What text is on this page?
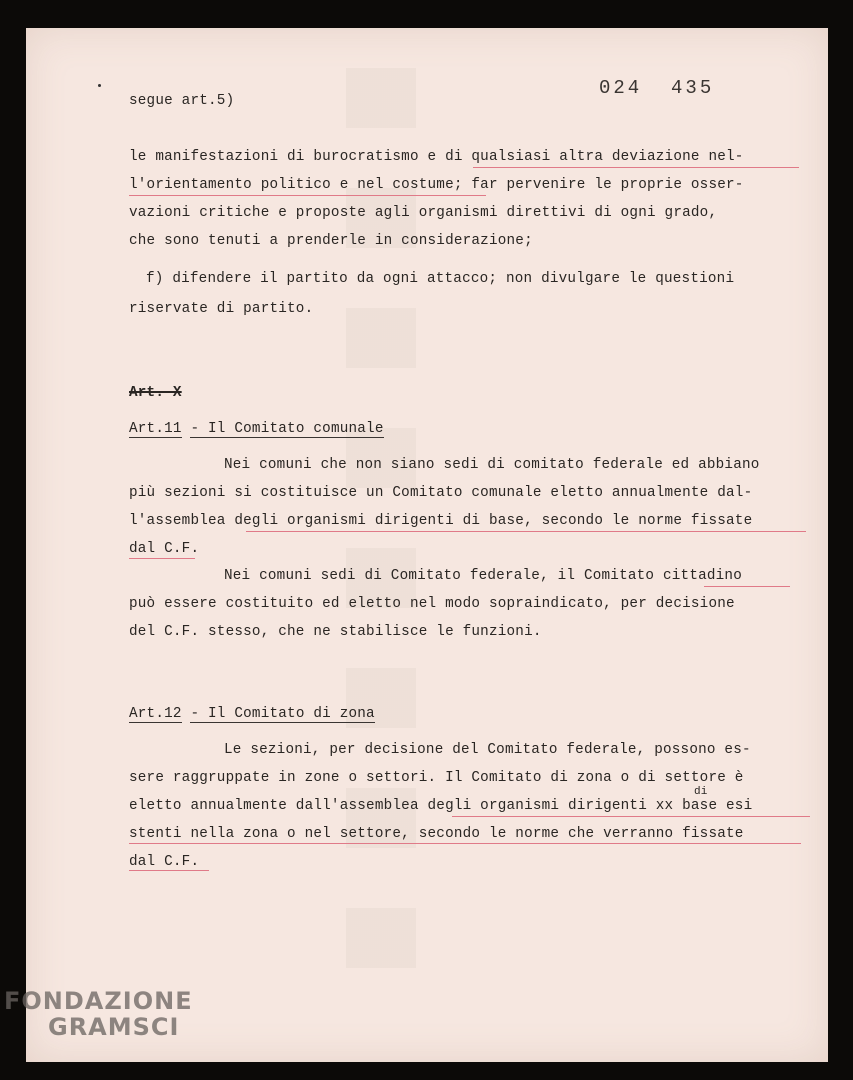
segue art.5)
024  435
le manifestazioni di burocratismo e di qualsiasi altra deviazione nel-
l'orientamento politico e nel costume; far pervenire le proprie osser-
vazioni critiche e proposte agli organismi direttivi di ogni grado,
che sono tenuti a prenderle in considerazione;
f) difendere il partito da ogni attacco; non divulgare le questioni
riservate di partito.
Art. X
Art.11 - Il Comitato comunale
Nei comuni che non siano sedi di comitato federale ed abbiano
più sezioni si costituisce un Comitato comunale eletto annualmente dal-
l'assemblea degli organismi dirigenti di base, secondo le norme fissate
dal C.F.
Nei comuni sedi di Comitato federale, il Comitato cittadino
può essere costituito ed eletto nel modo sopraindicato, per decisione
del C.F. stesso, che ne stabilisce le funzioni.
Art.12 - Il Comitato di zona
Le sezioni, per decisione del Comitato federale, possono es-
sere raggruppate in zone o settori. Il Comitato di zona o di settore è
di
eletto annualmente dall'assemblea degli organismi dirigenti xx base esi
stenti nella zona o nel settore, secondo le norme che verranno fissate
dal C.F.
FONDAZIONE
GRAMSCI
